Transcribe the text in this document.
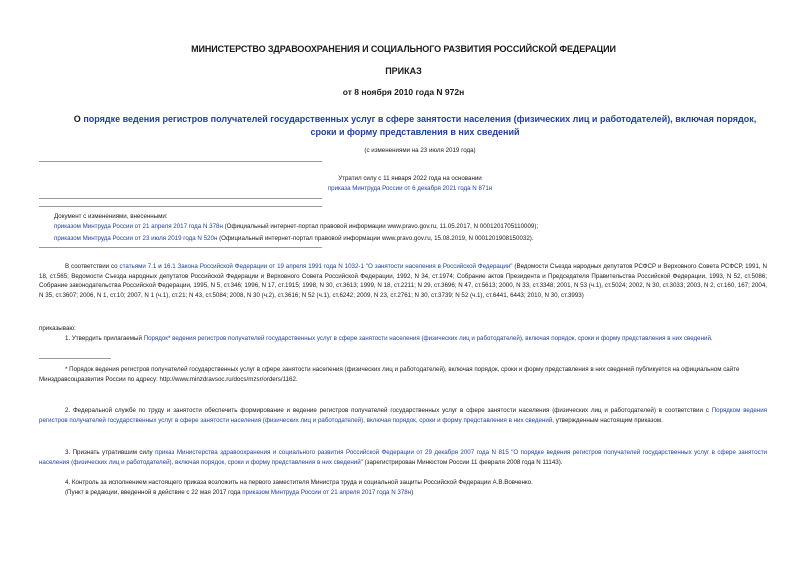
МИНИСТЕРСТВО ЗДРАВООХРАНЕНИЯ И СОЦИАЛЬНОГО РАЗВИТИЯ РОССИЙСКОЙ ФЕДЕРАЦИИ
ПРИКАЗ
от 8 ноября 2010 года N 972н
О порядке ведения регистров получателей государственных услуг в сфере занятости населения (физических лиц и работодателей), включая порядок, сроки и форму представления в них сведений
(с изменениями на 23 июля 2019 года)
Утратил силу с 11 января 2022 года на основании
приказа Минтруда России от 6 декабря 2021 года N 871н
Документ с изменениями, внесенными:
приказом Минтруда России от 21 апреля 2017 года N 378н (Официальный интернет-портал правовой информации www.pravo.gov.ru, 11.05.2017, N 0001201705110009);
приказом Минтруда России от 23 июля 2019 года N 520н (Официальный интернет-портал правовой информации www.pravo.gov.ru, 15.08.2019, N 0001201908150032).
В соответствии со статьями 7.1 и 16.1 Закона Российской Федерации от 19 апреля 1991 года N 1032-1 "О занятости населения в Российской Федерации" (Ведомости Съезда народных депутатов РСФСР и Верховного Совета РСФСР, 1991, N 18, ст.565; Ведомости Съезда народных депутатов Российской Федерации и Верховного Совета Российской Федерации, 1992, N 34, ст.1974; Собрание актов Президента и Председателя Правительства Российской Федерации, 1993, N 52, ст.5086; Собрание законодательства Российской Федерации, 1995, N 5, ст.346; 1996, N 17, ст.1915; 1998, N 30, ст.3613; 1999, N 18, ст.2211; N 29, ст.3696; N 47, ст.5613; 2000, N 33, ст.3348; 2001, N 53 (ч.1), ст.5024; 2002, N 30, ст.3033; 2003, N 2, ст.160, 167; 2004, N 35, ст.3607; 2006, N 1, ст.10; 2007, N 1 (ч.1), ст.21; N 43, ст.5084; 2008, N 30 (ч.2), ст.3616; N 52 (ч.1), ст.6242; 2009, N 23, ст.2761; N 30, ст.3739; N 52 (ч.1), ст.6441, 6443; 2010, N 30, ст.3993)
приказываю:
1. Утвердить прилагаемый Порядок* ведения регистров получателей государственных услуг в сфере занятости населения (физических лиц и работодателей), включая порядок, сроки и форму представления в них сведений.
* Порядок ведения регистров получателей государственных услуг в сфере занятости населения (физических лиц и работодателей), включая порядок, сроки и форму представления в них сведений публикуется на официальном сайте Минздравсоцразвития России по адресу: http://www.minzdravsoc.ru/docs/mzsr/orders/1162.
2. Федеральной службе по труду и занятости обеспечить формирование и ведение регистров получателей государственных услуг в сфере занятости населения (физических лиц и работодателей) в соответствии с Порядком ведения регистров получателей государственных услуг в сфере занятости населения (физических лиц и работодателей), включая порядок, сроки и форму представления в них сведений, утвержденным настоящим приказом.
3. Признать утратившим силу приказ Министерства здравоохранения и социального развития Российской Федерации от 29 декабря 2007 года N 815 "О порядке ведения регистров получателей государственных услуг в сфере занятости населения (физических лиц и работодателей), включая порядок, сроки и форму представления в них сведений" (зарегистрирован Минюстом России 11 февраля 2008 года N 11143).
4. Контроль за исполнением настоящего приказа возложить на первого заместителя Министра труда и социальной защиты Российской Федерации А.В.Вовченко.
(Пункт в редакции, введенной в действие с 22 мая 2017 года приказом Минтруда России от 21 апреля 2017 года N 378н)
